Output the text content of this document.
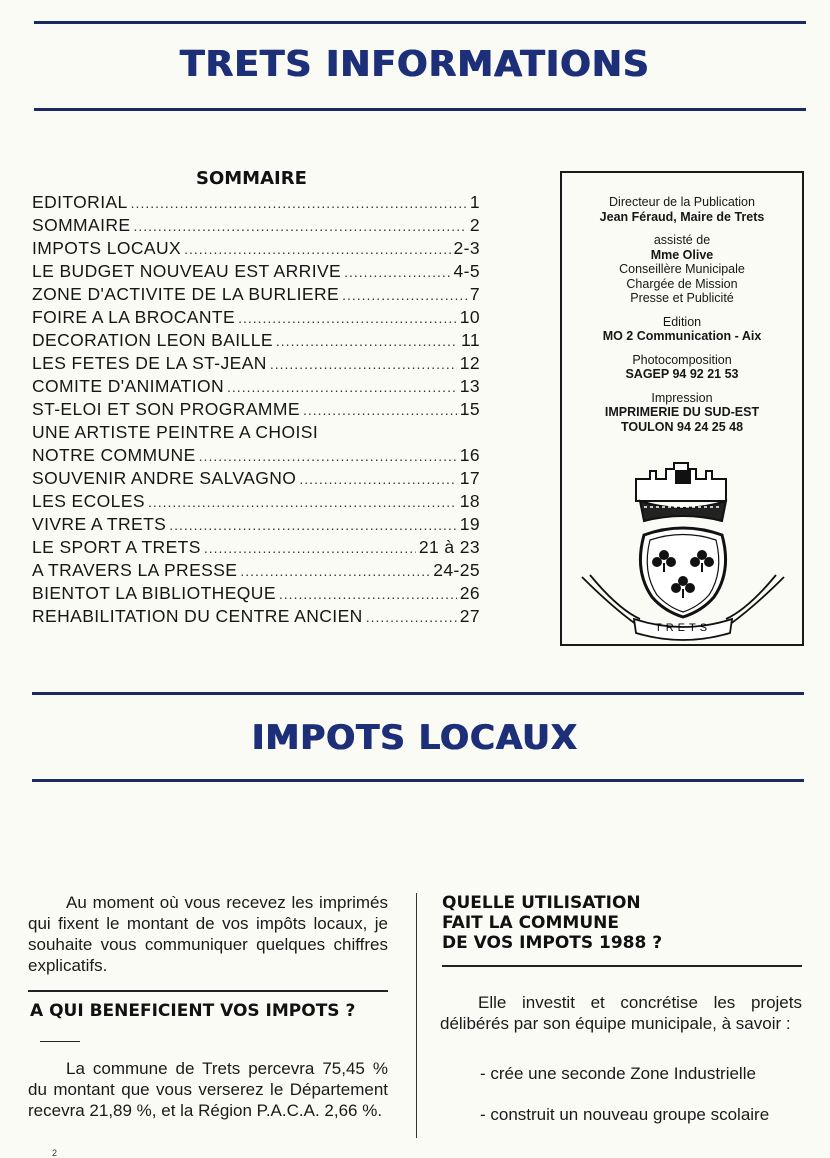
TRETS INFORMATIONS
SOMMAIRE
EDITORIAL .....	1
SOMMAIRE .....	2
IMPOTS LOCAUX .....	2-3
LE BUDGET NOUVEAU EST ARRIVE .....	4-5
ZONE D'ACTIVITE DE LA BURLIERE .....	7
FOIRE A LA BROCANTE .....	10
DECORATION LEON BAILLE .....	11
LES FETES DE LA ST-JEAN .....	12
COMITE D'ANIMATION .....	13
ST-ELOI ET SON PROGRAMME .....	15
UNE ARTISTE PEINTRE A CHOISI
NOTRE COMMUNE .....	16
SOUVENIR ANDRE SALVAGNO .....	17
LES ECOLES .....	18
VIVRE A TRETS .....	19
LE SPORT A TRETS .....	21 à 23
A TRAVERS LA PRESSE .....	24-25
BIENTOT LA BIBLIOTHEQUE .....	26
REHABILITATION DU CENTRE ANCIEN .....	27
Directeur de la Publication
Jean Féraud, Maire de Trets
assisté de
Mme Olive
Conseillère Municipale
Chargée de Mission
Presse et Publicité
Edition
MO 2 Communication - Aix
Photocomposition
SAGEP 94 92 21 53
Impression
IMPRIMERIE DU SUD-EST
TOULON 94 24 25 48
TRETS
IMPOTS LOCAUX
Au moment où vous recevez les imprimés qui fixent le montant de vos impôts locaux, je souhaite vous communiquer quelques chiffres explicatifs.
A QUI BENEFICIENT VOS IMPOTS ?
La commune de Trets percevra 75,45 % du montant que vous verserez le Département recevra 21,89 %, et la Région P.A.C.A. 2,66 %.
QUELLE UTILISATION
FAIT LA COMMUNE
DE VOS IMPOTS 1988 ?
Elle investit et concrétise les projets délibérés par son équipe municipale, à savoir :
- crée une seconde Zone Industrielle
- construit un nouveau groupe scolaire
2
